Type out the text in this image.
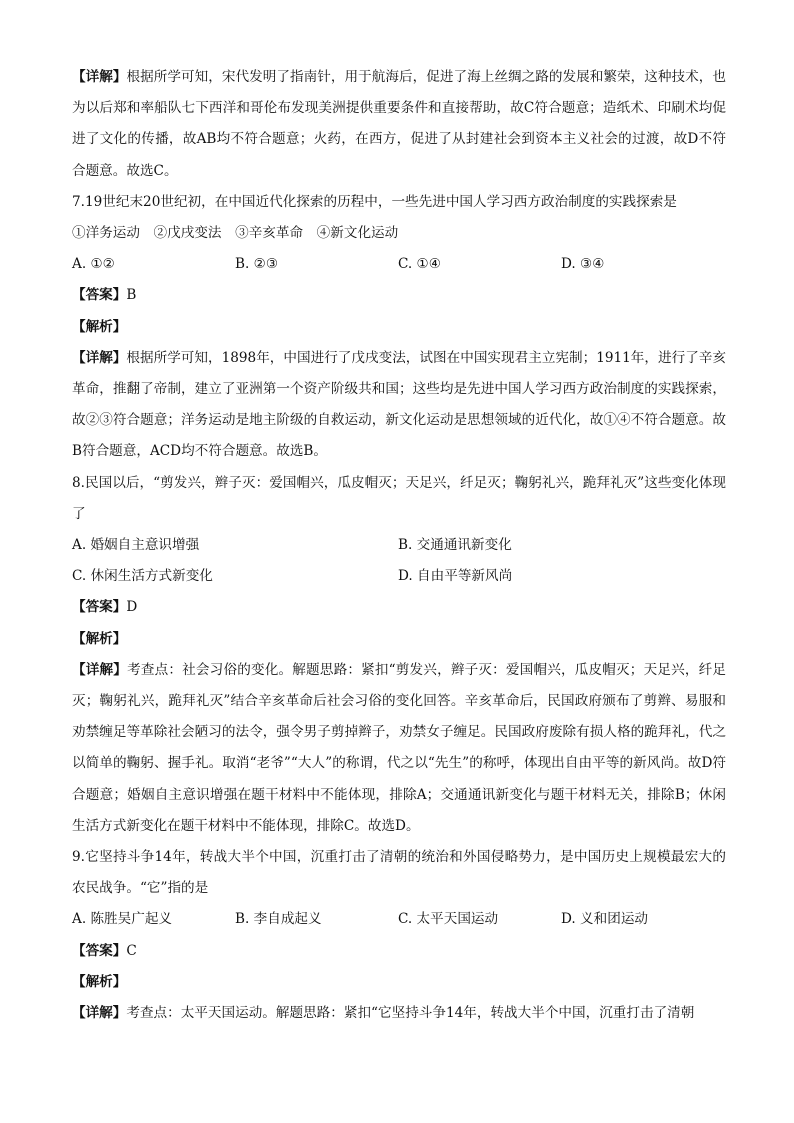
【详解】根据所学可知，宋代发明了指南针，用于航海后，促进了海上丝绸之路的发展和繁荣，这种技术，也为以后郑和率船队七下西洋和哥伦布发现美洲提供重要条件和直接帮助，故C符合题意；造纸术、印刷术均促进了文化的传播，故AB均不符合题意；火药，在西方，促进了从封建社会到资本主义社会的过渡，故D不符合题意。故选C。

7.19世纪末20世纪初，在中国近代化探索的历程中，一些先进中国人学习西方政治制度的实践探索是

①洋务运动　②戊戌变法　③辛亥革命　④新文化运动

A. ①②	B. ②③	C. ①④	D. ③④

【答案】B

【解析】

【详解】根据所学可知，1898年，中国进行了戊戌变法，试图在中国实现君主立宪制；1911年，进行了辛亥革命，推翻了帝制，建立了亚洲第一个资产阶级共和国；这些均是先进中国人学习西方政治制度的实践探索，故②③符合题意；洋务运动是地主阶级的自救运动，新文化运动是思想领域的近代化，故①④不符合题意。故B符合题意，ACD均不符合题意。故选B。

8.民国以后，“剪发兴，辫子灭：爱国帽兴，瓜皮帽灭；天足兴，纤足灭；鞠躬礼兴，跪拜礼灭”这些变化体现了

A. 婚姻自主意识增强	B. 交通通讯新变化
C. 休闲生活方式新变化	D. 自由平等新风尚

【答案】D

【解析】

【详解】考查点：社会习俗的变化。解题思路：紧扣“剪发兴，辫子灭：爱国帽兴，瓜皮帽灭；天足兴，纤足灭；鞠躬礼兴，跪拜礼灭”结合辛亥革命后社会习俗的变化回答。辛亥革命后，民国政府颁布了剪辫、易服和劝禁缠足等革除社会陋习的法令，强令男子剪掉辫子，劝禁女子缠足。民国政府废除有损人格的跪拜礼，代之以简单的鞠躬、握手礼。取消“老爷”“大人”的称谓，代之以“先生”的称呼，体现出自由平等的新风尚。故D符合题意；婚姻自主意识增强在题干材料中不能体现，排除A；交通通讯新变化与题干材料无关，排除B；休闲生活方式新变化在题干材料中不能体现，排除C。故选D。

9.它坚持斗争14年，转战大半个中国，沉重打击了清朝的统治和外国侵略势力，是中国历史上规模最宏大的农民战争。“它”指的是

A. 陈胜吴广起义	B. 李自成起义	C. 太平天国运动	D. 义和团运动

【答案】C

【解析】

【详解】考查点：太平天国运动。解题思路：紧扣“它坚持斗争14年，转战大半个中国，沉重打击了清朝
